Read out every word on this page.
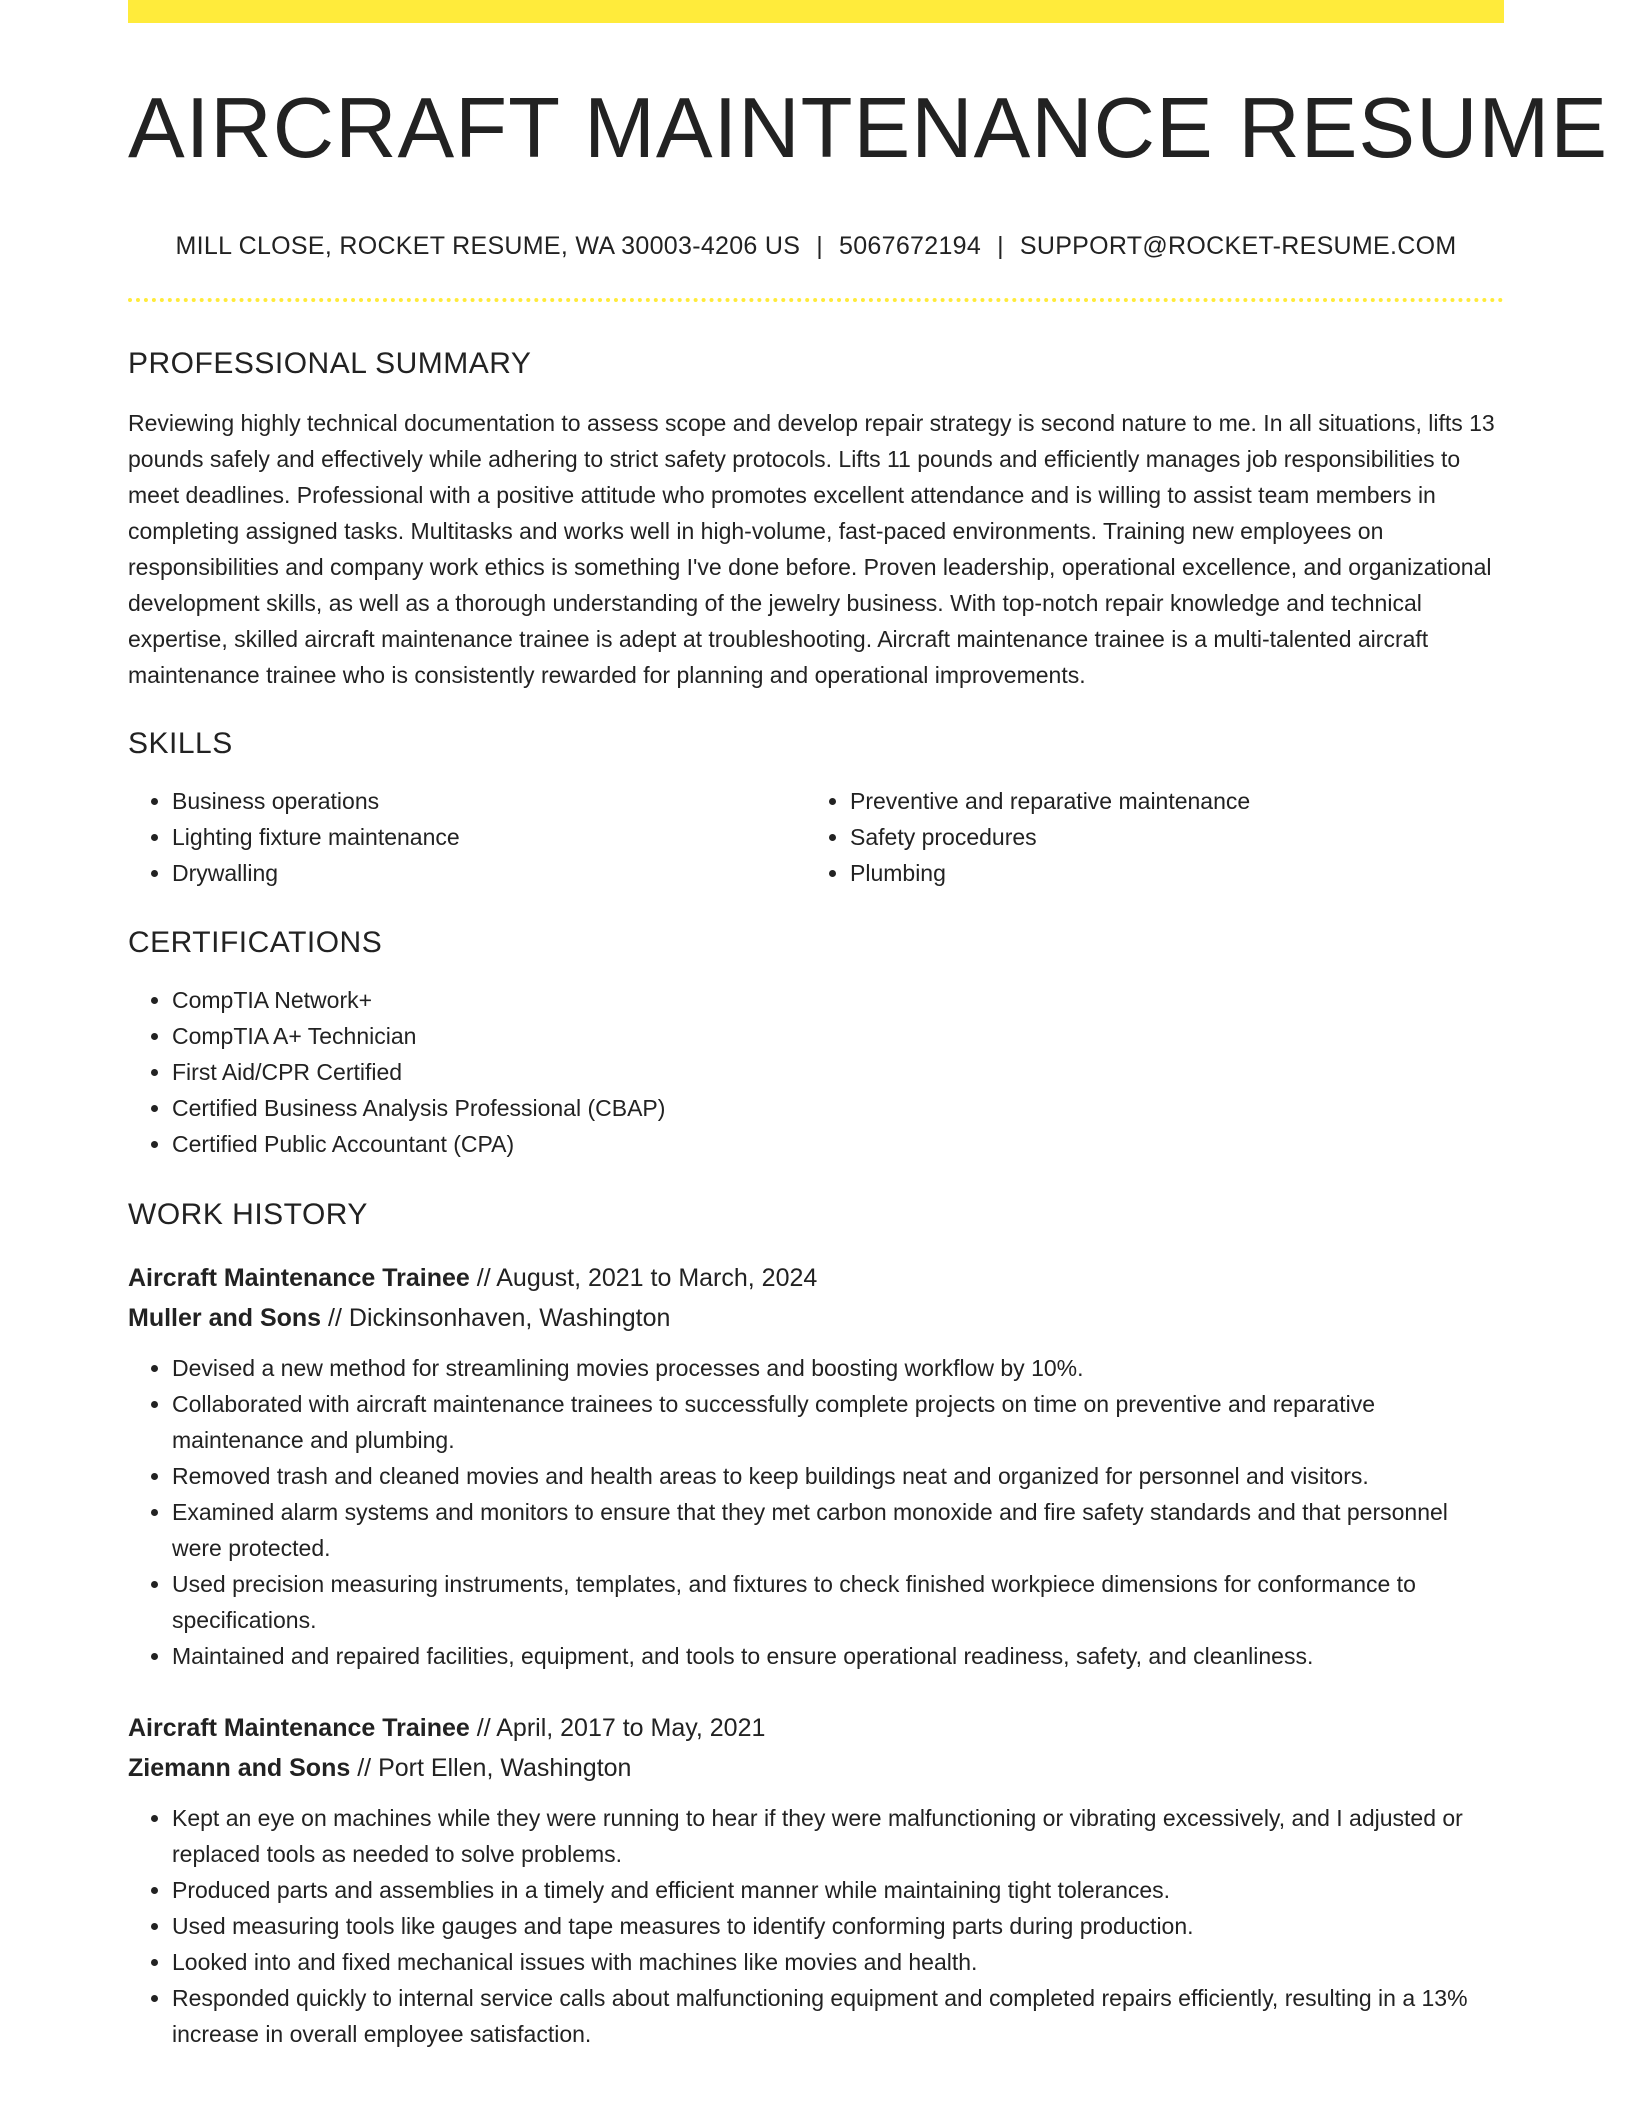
AIRCRAFT MAINTENANCE RESUME
MILL CLOSE, ROCKET RESUME, WA 30003-4206 US | 5067672194 | SUPPORT@ROCKET-RESUME.COM
PROFESSIONAL SUMMARY

Reviewing highly technical documentation to assess scope and develop repair strategy is second nature to me. In all situations, lifts 13 pounds safely and effectively while adhering to strict safety protocols. Lifts 11 pounds and efficiently manages job responsibilities to meet deadlines. Professional with a positive attitude who promotes excellent attendance and is willing to assist team members in completing assigned tasks. Multitasks and works well in high-volume, fast-paced environments. Training new employees on responsibilities and company work ethics is something I've done before. Proven leadership, operational excellence, and organizational development skills, as well as a thorough understanding of the jewelry business. With top-notch repair knowledge and technical expertise, skilled aircraft maintenance trainee is adept at troubleshooting. Aircraft maintenance trainee is a multi-talented aircraft maintenance trainee who is consistently rewarded for planning and operational improvements.

SKILLS
• Business operations
• Lighting fixture maintenance
• Drywalling
• Preventive and reparative maintenance
• Safety procedures
• Plumbing
CERTIFICATIONS
• CompTIA Network+
• CompTIA A+ Technician
• First Aid/CPR Certified
• Certified Business Analysis Professional (CBAP)
• Certified Public Accountant (CPA)
WORK HISTORY
Aircraft Maintenance Trainee // August, 2021 to March, 2024
Muller and Sons // Dickinsonhaven, Washington
• Devised a new method for streamlining movies processes and boosting workflow by 10%.
• Collaborated with aircraft maintenance trainees to successfully complete projects on time on preventive and reparative maintenance and plumbing.
• Removed trash and cleaned movies and health areas to keep buildings neat and organized for personnel and visitors.
• Examined alarm systems and monitors to ensure that they met carbon monoxide and fire safety standards and that personnel were protected.
• Used precision measuring instruments, templates, and fixtures to check finished workpiece dimensions for conformance to specifications.
• Maintained and repaired facilities, equipment, and tools to ensure operational readiness, safety, and cleanliness.
Aircraft Maintenance Trainee // April, 2017 to May, 2021
Ziemann and Sons // Port Ellen, Washington
• Kept an eye on machines while they were running to hear if they were malfunctioning or vibrating excessively, and I adjusted or replaced tools as needed to solve problems.
• Produced parts and assemblies in a timely and efficient manner while maintaining tight tolerances.
• Used measuring tools like gauges and tape measures to identify conforming parts during production.
• Looked into and fixed mechanical issues with machines like movies and health.
• Responded quickly to internal service calls about malfunctioning equipment and completed repairs efficiently, resulting in a 13% increase in overall employee satisfaction.
